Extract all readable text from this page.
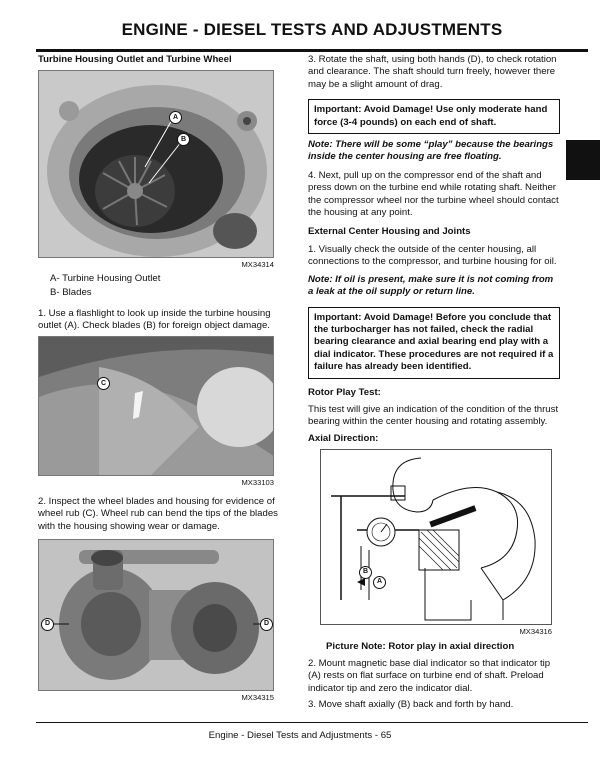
ENGINE - DIESEL TESTS AND ADJUSTMENTS
Turbine Housing Outlet and Turbine Wheel
A
B
MX34314
A- Turbine Housing Outlet
B- Blades
1. Use a flashlight to look up inside the turbine housing outlet (A). Check blades (B) for foreign object damage.
C
MX33103
2. Inspect the wheel blades and housing for evidence of wheel rub (C). Wheel rub can bend the tips of the blades with the housing showing wear or damage.
D	D
MX34315
3. Rotate the shaft, using both hands (D), to check rotation and clearance. The shaft should turn freely, however there may be a slight amount of drag.
Important: Avoid Damage! Use only moderate hand force (3-4 pounds) on each end of shaft.
Note: There will be some “play” because the bearings inside the center housing are free floating.
4. Next, pull up on the compressor end of the shaft and press down on the turbine end while rotating shaft. Neither the compressor wheel nor the turbine wheel should contact the housing at any point.
External Center Housing and Joints
1. Visually check the outside of the center housing, all connections to the compressor, and turbine housing for oil.
Note: If oil is present, make sure it is not coming from a leak at the oil supply or return line.
Important: Avoid Damage! Before you conclude that the turbocharger has not failed, check the radial bearing clearance and axial bearing end play with a dial indicator. These procedures are not required if a failure has already been identified.
Rotor Play Test:
This test will give an indication of the condition of the thrust bearing within the center housing and rotating assembly.
Axial Direction:
B
A
MX34316
Picture Note: Rotor play in axial direction
2. Mount magnetic base dial indicator so that indicator tip (A) rests on flat surface on turbine end of shaft. Preload indicator tip and zero the indicator dial.
3. Move shaft axially (B) back and forth by hand.
Engine - Diesel Tests and Adjustments - 65
